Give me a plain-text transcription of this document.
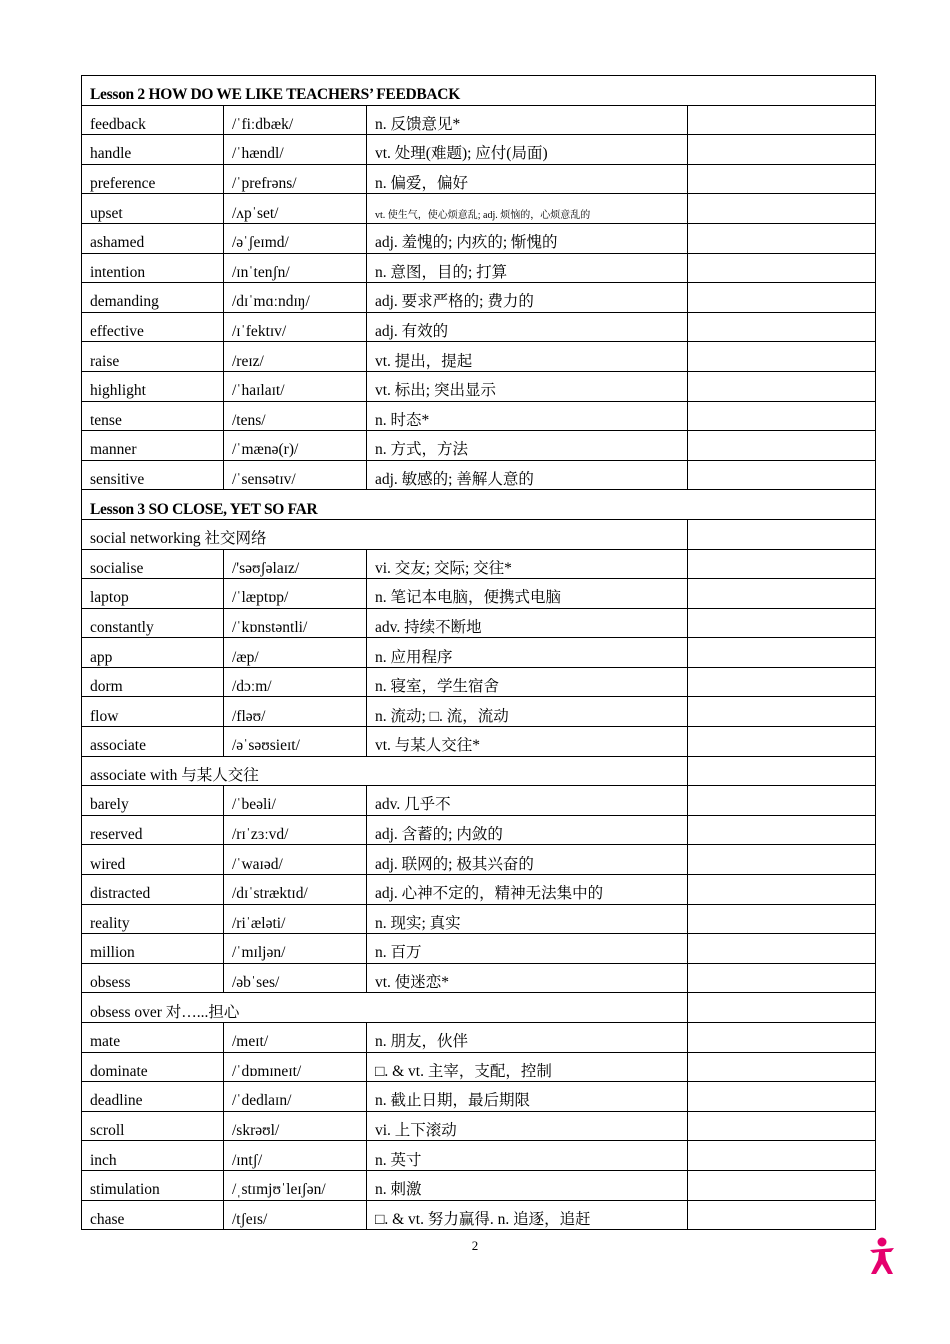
Lesson 2 HOW DO WE LIKE TEACHERS’ FEEDBACK			
feedback	/ˈfiːdbæk/	n. 反馈意见*	
handle	/ˈhændl/	vt. 处理(难题); 应付(局面)	
preference	/ˈprefrəns/	n. 偏爱，偏好	
upset	/ʌpˈset/	vt. 使生气，使心烦意乱; adj. 烦恼的，心烦意乱的	
ashamed	/əˈʃeɪmd/	adj. 羞愧的; 内疚的; 惭愧的	
intention	/ɪnˈtenʃn/	n. 意图，目的; 打算	
demanding	/dɪˈmɑːndɪŋ/	adj. 要求严格的; 费力的	
effective	/ɪˈfektɪv/	adj. 有效的	
raise	/reɪz/	vt. 提出，提起	
highlight	/ˈhaɪlaɪt/	vt. 标出; 突出显示	
tense	/tens/	n. 时态*	
manner	/ˈmænə(r)/	n. 方式，方法	
sensitive	/ˈsensətɪv/	adj. 敏感的; 善解人意的	
Lesson 3 SO CLOSE, YET SO FAR			
social networking 社交网络			
socialise	/'səʊʃəlaɪz/	vi. 交友; 交际; 交往*	
laptop	/ˈlæptɒp/	n. 笔记本电脑，便携式电脑	
constantly	/ˈkɒnstəntli/	adv. 持续不断地	
app	/æp/	n. 应用程序	
dorm	/dɔːm/	n. 寝室，学生宿舍	
flow	/fləʊ/	n. 流动; □. 流，流动	
associate	/əˈsəʊsieɪt/	vt. 与某人交往*	
associate with 与某人交往			
barely	/ˈbeəli/	adv. 几乎不	
reserved	/rɪˈzɜːvd/	adj. 含蓄的; 内敛的	
wired	/ˈwaɪəd/	adj. 联网的; 极其兴奋的	
distracted	/dɪˈstræktɪd/	adj. 心神不定的，精神无法集中的	
reality	/riˈæləti/	n. 现实; 真实	
million	/ˈmɪljən/	n. 百万	
obsess	/əbˈses/	vt. 使迷恋*	
obsess over 对…...担心			
mate	/meɪt/	n. 朋友，伙伴	
dominate	/ˈdɒmɪneɪt/	□. & vt. 主宰，支配，控制	
deadline	/ˈdedlaɪn/	n. 截止日期，最后期限	
scroll	/skrəʊl/	vi. 上下滚动	
inch	/ɪntʃ/	n. 英寸	
stimulation	/ˌstɪmjʊˈleɪʃən/	n. 刺激	
chase	/tʃeɪs/	□. & vt. 努力赢得. n. 追逐，追赶	
2
